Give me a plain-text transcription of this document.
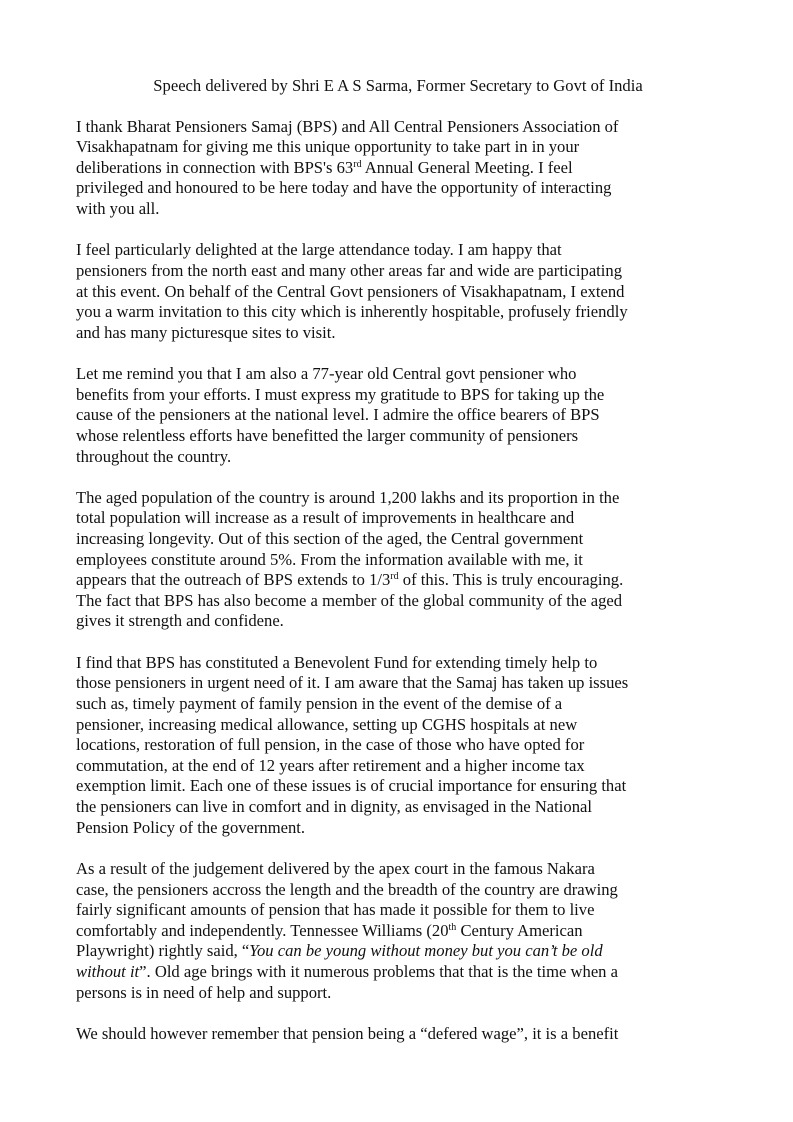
Speech delivered by Shri E A S Sarma, Former Secretary to Govt of India
I thank Bharat Pensioners Samaj (BPS) and All Central Pensioners Association of
Visakhapatnam for giving me this unique opportunity to take part in in your
deliberations in connection with BPS's 63rd Annual General Meeting. I feel
privileged and honoured to be here today and have the opportunity of interacting
with you all.
I feel particularly delighted at the large attendance today. I am happy that
pensioners from the north east and many other areas far and wide are participating
at this event. On behalf of the Central Govt pensioners of Visakhapatnam, I extend
you a warm invitation to this city which is inherently hospitable, profusely friendly
and has many picturesque sites to visit.
Let me remind you that I am also a 77-year old Central govt pensioner who
benefits from your efforts. I must express my gratitude to BPS for taking up the
cause of the pensioners at the national level. I admire the office bearers of BPS
whose relentless efforts have benefitted the larger community of pensioners
throughout the country.
The aged population of the country is around 1,200 lakhs and its proportion in the
total population will increase as a result of improvements in healthcare and
increasing longevity. Out of this section of the aged, the Central government
employees constitute around 5%. From the information available with me, it
appears that the outreach of BPS extends to 1/3rd of this. This is truly encouraging.
The fact that BPS has also become a member of the global community of the aged
gives it strength and confidene.
I find that BPS has constituted a Benevolent Fund for extending timely help to
those pensioners in urgent need of it. I am aware that the Samaj has taken up issues
such as, timely payment of family pension in the event of the demise of a
pensioner, increasing medical allowance, setting up CGHS hospitals at new
locations, restoration of full pension, in the case of those who have opted for
commutation, at the end of 12 years after retirement and a higher income tax
exemption limit. Each one of these issues is of crucial importance for ensuring that
the pensioners can live in comfort and in dignity, as envisaged in the National
Pension Policy of the government.
As a result of the judgement delivered by the apex court in the famous Nakara
case, the pensioners accross the length and the breadth of the country are drawing
fairly significant amounts of pension that has made it possible for them to live
comfortably and independently. Tennessee Williams (20th Century American
Playwright) rightly said, “You can be young without money but you can’t be old
without it”. Old age brings with it numerous problems that that is the time when a
persons is in need of help and support.
We should however remember that pension being a “defered wage”, it is a benefit
